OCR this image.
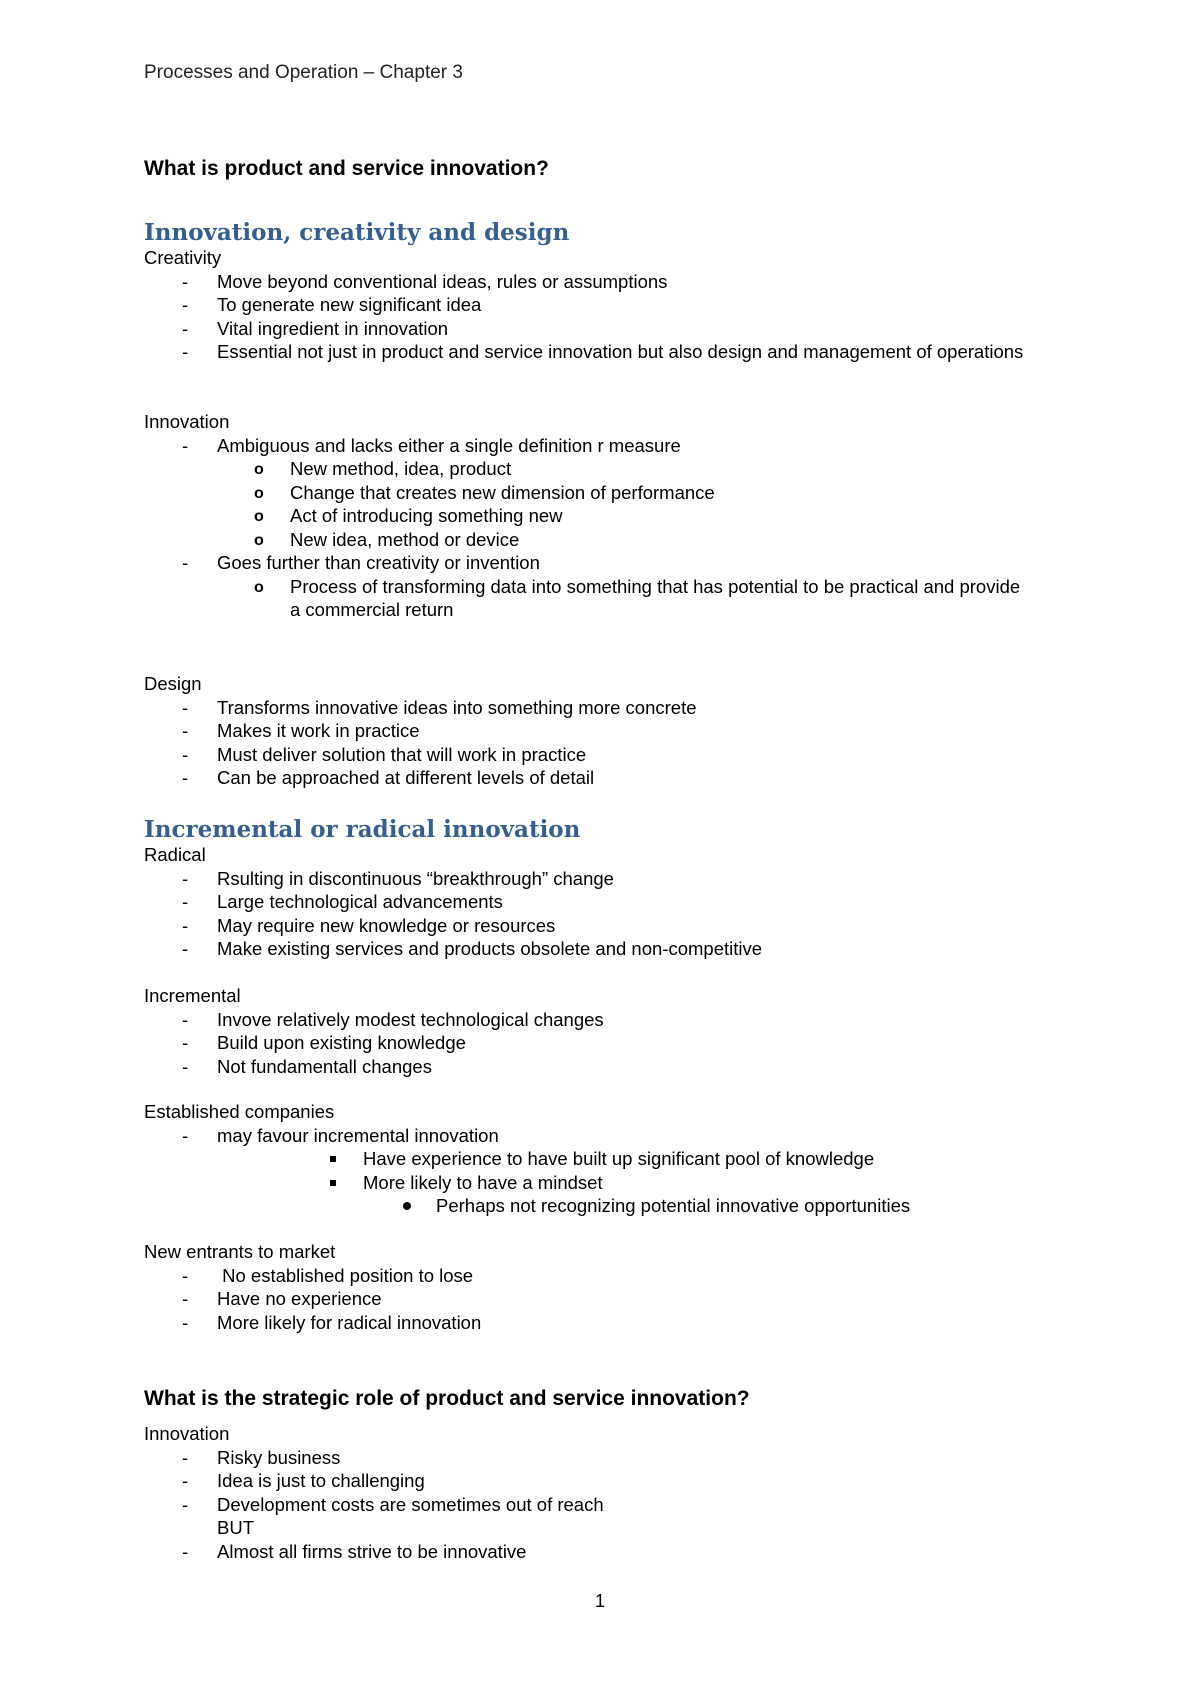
Processes and Operation – Chapter 3
What is product and service innovation?
Innovation, creativity and design
Creativity
- Move beyond conventional ideas, rules or assumptions
- To generate new significant idea
- Vital ingredient in innovation
- Essential not just in product and service innovation but also design and management of operations
Innovation
- Ambiguous and lacks either a single definition r measure
o New method, idea, product
o Change that creates new dimension of performance
o Act of introducing something new
o New idea, method or device
- Goes further than creativity or invention
o Process of transforming data into something that has potential to be practical and provide a commercial return
Design
- Transforms innovative ideas into something more concrete
- Makes it work in practice
- Must deliver solution that will work in practice
- Can be approached at different levels of detail
Incremental or radical innovation
Radical
- Rsulting in discontinuous “breakthrough” change
- Large technological advancements
- May require new knowledge or resources
- Make existing services and products obsolete and non-competitive
Incremental
- Invove relatively modest technological changes
- Build upon existing knowledge
- Not fundamentall changes
Established companies
- may favour incremental innovation
Have experience to have built up significant pool of knowledge
More likely to have a mindset
Perhaps not recognizing potential innovative opportunities
New entrants to market
-  No established position to lose
- Have no experience
- More likely for radical innovation
What is the strategic role of product and service innovation?
Innovation
- Risky business
- Idea is just to challenging
- Development costs are sometimes out of reach
BUT
- Almost all firms strive to be innovative
1
